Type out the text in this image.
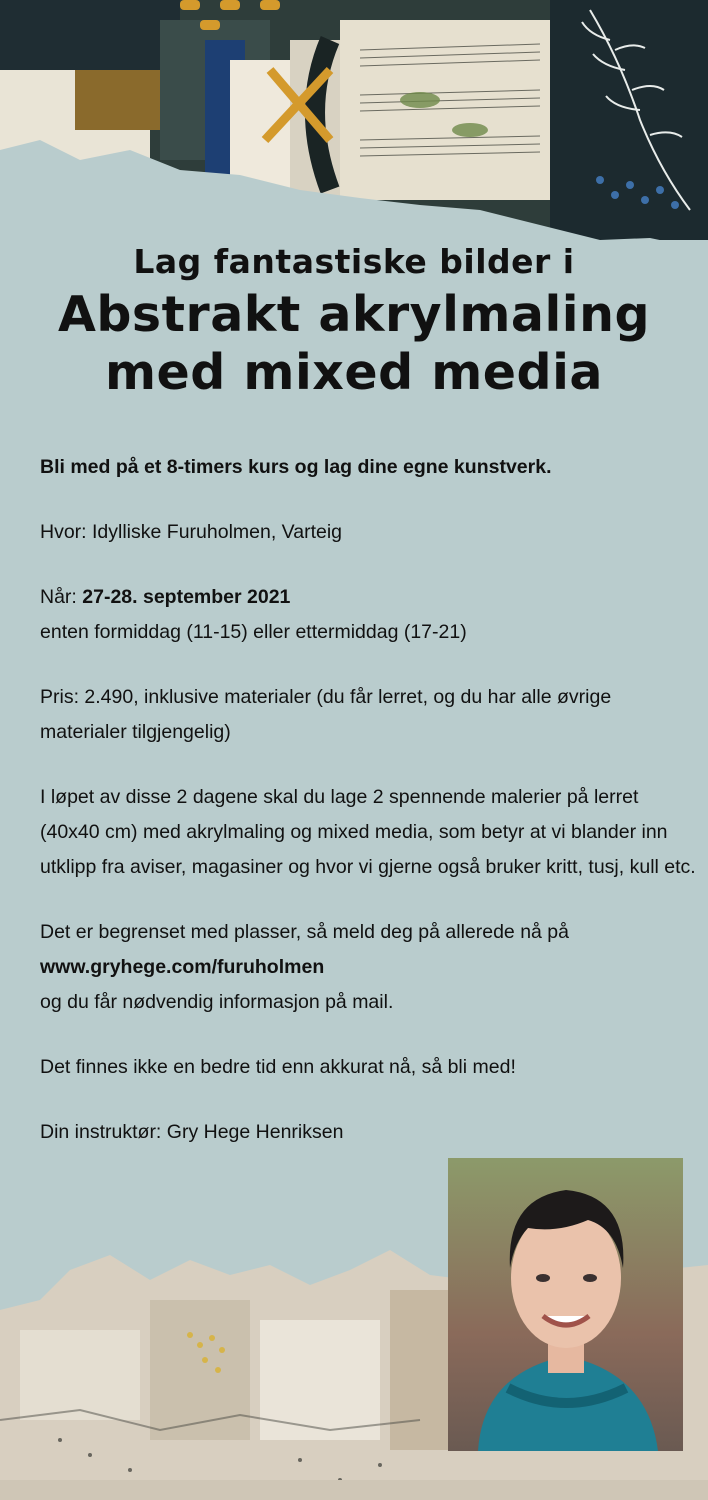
Lag fantastiske bilder i
Abstrakt akrylmaling
med mixed media

Bli med på et 8-timers kurs og lag dine egne kunstverk.

Hvor: Idylliske Furuholmen, Varteig

Når: 27-28. september 2021
enten formiddag (11-15) eller ettermiddag (17-21)

Pris: 2.490, inklusive materialer (du får lerret, og du har alle øvrige materialer tilgjengelig)

I løpet av disse 2 dagene skal du lage 2 spennende malerier på lerret (40x40 cm) med akrylmaling og mixed media, som betyr at vi blander inn utklipp fra aviser, magasiner og hvor vi gjerne også bruker kritt, tusj, kull etc.

Det er begrenset med plasser, så meld deg på allerede nå på
www.gryhege.com/furuholmen
og du får nødvendig informasjon på mail.

Det finnes ikke en bedre tid enn akkurat nå, så bli med!

Din instruktør: Gry Hege Henriksen
